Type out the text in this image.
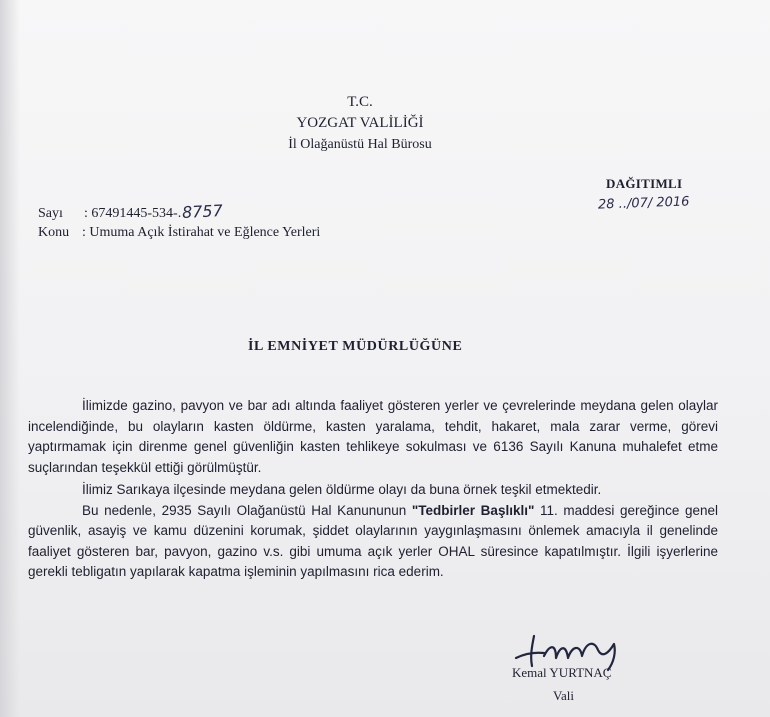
T.C.
YOZGAT VALİLİĞİ
İl Olağanüstü Hal Bürosu
DAĞITIMLI
28 ../07/ 2016
Sayı : 67491445-534-.8757
Konu : Umuma Açık İstirahat ve Eğlence Yerleri
İL EMNİYET MÜDÜRLÜĞÜNE

İlimizde gazino, pavyon ve bar adı altında faaliyet gösteren yerler ve çevrelerinde meydana gelen olaylar incelendiğinde, bu olayların kasten öldürme, kasten yaralama, tehdit, hakaret, mala zarar verme, görevi yaptırmamak için direnme genel güvenliğin kasten tehlikeye sokulması ve 6136 Sayılı Kanuna muhalefet etme suçlarından teşekkül ettiği görülmüştür.

İlimiz Sarıkaya ilçesinde meydana gelen öldürme olayı da buna örnek teşkil etmektedir.

Bu nedenle, 2935 Sayılı Olağanüstü Hal Kanununun "Tedbirler Başlıklı" 11. maddesi gereğince genel güvenlik, asayiş ve kamu düzenini korumak, şiddet olaylarının yaygınlaşmasını önlemek amacıyla il genelinde faaliyet gösteren bar, pavyon, gazino v.s. gibi umuma açık yerler OHAL süresince kapatılmıştır. İlgili işyerlerine gerekli tebligatın yapılarak kapatma işleminin yapılmasını rica ederim.

Kemal YURTNAÇ
Vali
